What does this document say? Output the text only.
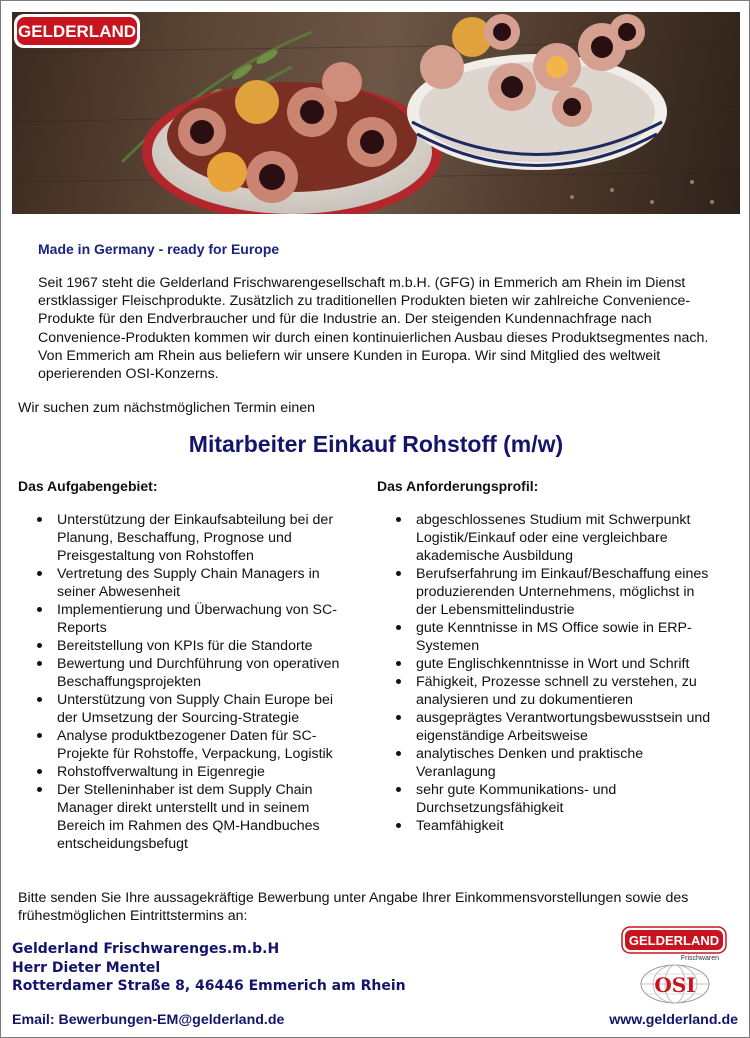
GELDERLAND
Made in Germany - ready for Europe
Seit 1967 steht die Gelderland Frischwarengesellschaft m.b.H. (GFG) in Emmerich am Rhein im Dienst erstklassiger Fleischprodukte. Zusätzlich zu traditionellen Produkten bieten wir zahlreiche Convenience-Produkte für den Endverbraucher und für die Industrie an. Der steigenden Kundennachfrage nach Convenience-Produkten kommen wir durch einen kontinuierlichen Ausbau dieses Produktsegmentes nach. Von Emmerich am Rhein aus beliefern wir unsere Kunden in Europa. Wir sind Mitglied des weltweit operierenden OSI-Konzerns.
Wir suchen zum nächstmöglichen Termin einen
Mitarbeiter Einkauf Rohstoff (m/w)
Das Aufgabengebiet:	Das Anforderungsprofil:
Unterstützung der Einkaufsabteilung bei der Planung, Beschaffung, Prognose und Preisgestaltung von Rohstoffen
Vertretung des Supply Chain Managers in seiner Abwesenheit
Implementierung und Überwachung von SC-Reports
Bereitstellung von KPIs für die Standorte
Bewertung und Durchführung von operativen Beschaffungsprojekten
Unterstützung von Supply Chain Europe bei der Umsetzung der Sourcing-Strategie
Analyse produktbezogener Daten für SC-Projekte für Rohstoffe, Verpackung, Logistik
Rohstoffverwaltung in Eigenregie
Der Stelleninhaber ist dem Supply Chain Manager direkt unterstellt und in seinem Bereich im Rahmen des QM-Handbuches entscheidungsbefugt
abgeschlossenes Studium mit Schwerpunkt Logistik/Einkauf oder eine vergleichbare akademische Ausbildung
Berufserfahrung im Einkauf/Beschaffung eines produzierenden Unternehmens, möglichst in der Lebensmittelindustrie
gute Kenntnisse in MS Office sowie in ERP-Systemen
gute Englischkenntnisse in Wort und Schrift
Fähigkeit, Prozesse schnell zu verstehen, zu analysieren und zu dokumentieren
ausgeprägtes Verantwortungsbewusstsein und eigenständige Arbeitsweise
analytisches Denken und praktische Veranlagung
sehr gute Kommunikations- und Durchsetzungsfähigkeit
Teamfähigkeit
Bitte senden Sie Ihre aussagekräftige Bewerbung unter Angabe Ihrer Einkommensvorstellungen sowie des frühestmöglichen Eintrittstermins an:
Gelderland Frischwarenges.m.b.H
Herr Dieter Mentel
Rotterdamer Straße 8, 46446 Emmerich am Rhein
Email: Bewerbungen-EM@gelderland.de	www.gelderland.de
GELDERLAND
Frischwaren
OSI
